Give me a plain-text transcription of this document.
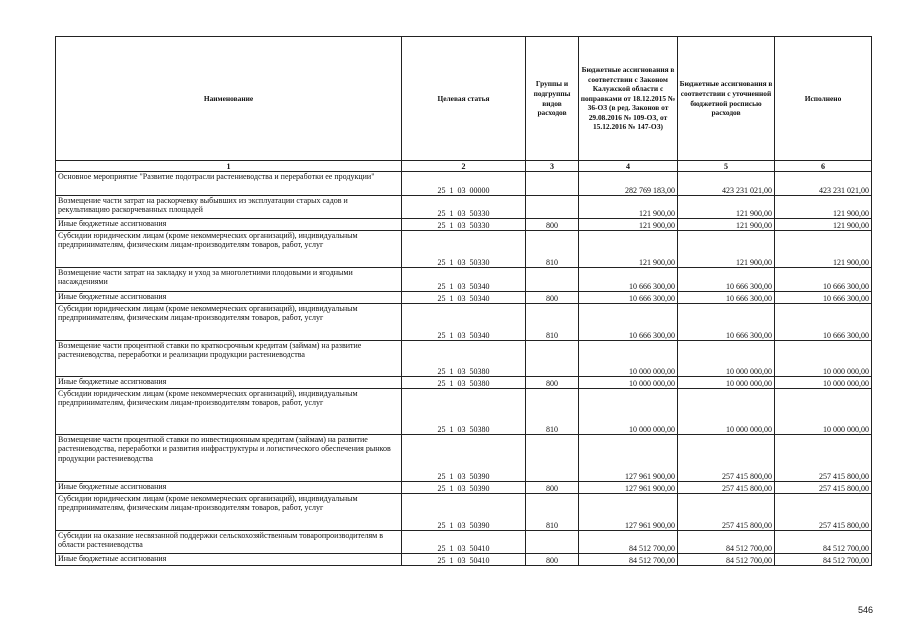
Наименование	Целевая статья	Группы и подгруппы видов расходов	Бюджетные ассигнования в соответствии с Законом Калужской области с поправками от 18.12.2015 № 36-ОЗ (в ред. Законов от 29.08.2016 № 109-ОЗ, от 15.12.2016 № 147-ОЗ)	Бюджетные ассигнования в соответствии с уточненной бюджетной росписью расходов	Исполнено
1	2	3	4	5	6
Основное мероприятие "Развитие подотрасли растениеводства и переработки ее продукции"	25  1  03  00000		282 769 183,00	423 231 021,00	423 231 021,00
Возмещение части затрат на раскорчевку выбывших из эксплуатации старых садов и рекультивацию раскорчеванных площадей	25  1  03  50330		121 900,00	121 900,00	121 900,00
Иные бюджетные ассигнования	25  1  03  50330	800	121 900,00	121 900,00	121 900,00
Субсидии юридическим лицам (кроме некоммерческих организаций), индивидуальным предпринимателям, физическим лицам-производителям товаров, работ, услуг	25  1  03  50330	810	121 900,00	121 900,00	121 900,00
Возмещение части затрат на закладку и уход за многолетними плодовыми и ягодными насаждениями	25  1  03  50340		10 666 300,00	10 666 300,00	10 666 300,00
Иные бюджетные ассигнования	25  1  03  50340	800	10 666 300,00	10 666 300,00	10 666 300,00
Субсидии юридическим лицам (кроме некоммерческих организаций), индивидуальным предпринимателям, физическим лицам-производителям товаров, работ, услуг	25  1  03  50340	810	10 666 300,00	10 666 300,00	10 666 300,00
Возмещение части процентной ставки по краткосрочным кредитам (займам) на развитие растениеводства, переработки и реализации продукции растениеводства	25  1  03  50380		10 000 000,00	10 000 000,00	10 000 000,00
Иные бюджетные ассигнования	25  1  03  50380	800	10 000 000,00	10 000 000,00	10 000 000,00
Субсидии юридическим лицам (кроме некоммерческих организаций), индивидуальным предпринимателям, физическим лицам-производителям товаров, работ, услуг	25  1  03  50380	810	10 000 000,00	10 000 000,00	10 000 000,00
Возмещение части процентной ставки по инвестиционным кредитам (займам) на развитие растениеводства, переработки и развития инфраструктуры и логистического обеспечения рынков продукции растениеводства	25  1  03  50390		127 961 900,00	257 415 800,00	257 415 800,00
Иные бюджетные ассигнования	25  1  03  50390	800	127 961 900,00	257 415 800,00	257 415 800,00
Субсидии юридическим лицам (кроме некоммерческих организаций), индивидуальным предпринимателям, физическим лицам-производителям товаров, работ, услуг	25  1  03  50390	810	127 961 900,00	257 415 800,00	257 415 800,00
Субсидии на оказание несвязанной поддержки сельскохозяйственным товаропроизводителям в области растениеводства	25  1  03  50410		84 512 700,00	84 512 700,00	84 512 700,00
Иные бюджетные ассигнования	25  1  03  50410	800	84 512 700,00	84 512 700,00	84 512 700,00
546
